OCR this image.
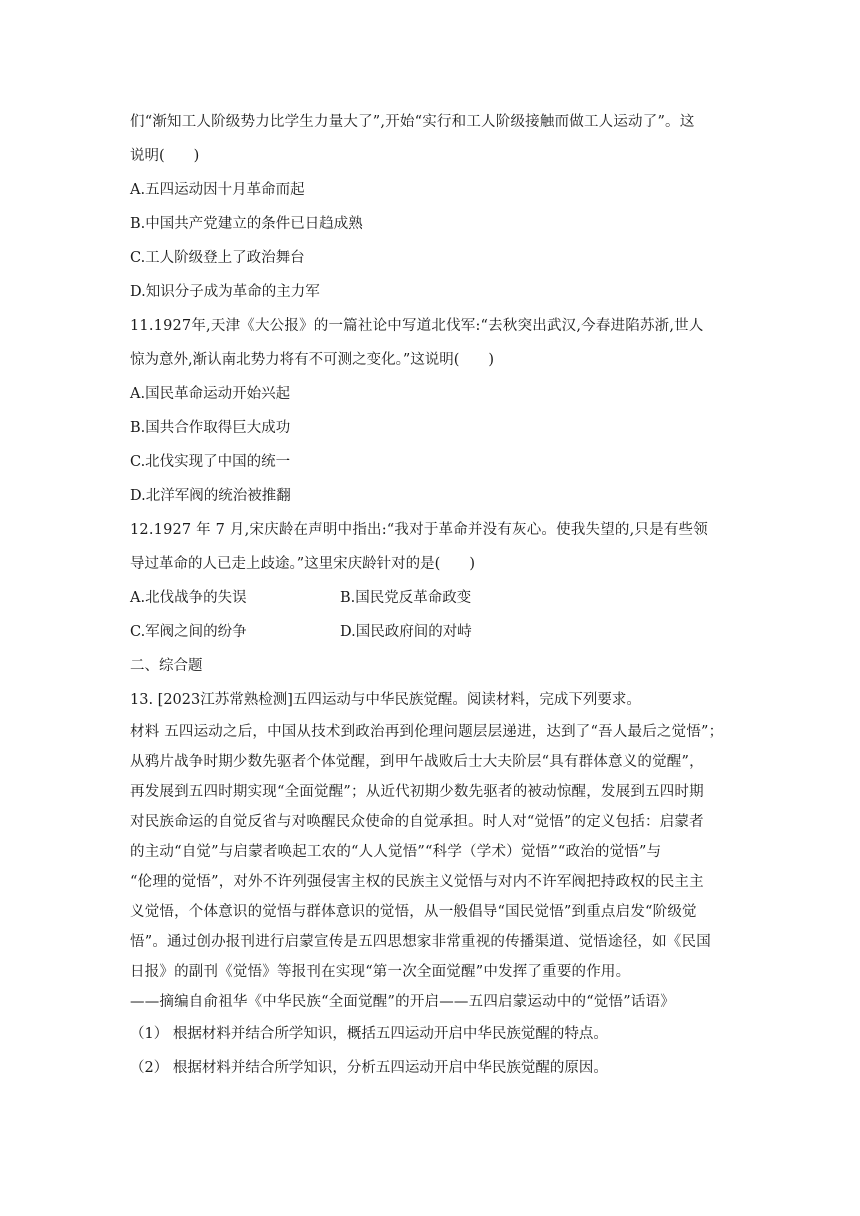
们“渐知工人阶级势力比学生力量大了”,开始“实行和工人阶级接触而做工人运动了”。这
说明(　　)
A.五四运动因十月革命而起
B.中国共产党建立的条件已日趋成熟
C.工人阶级登上了政治舞台
D.知识分子成为革命的主力军
11.1927年,天津《大公报》的一篇社论中写道北伐军:“去秋突出武汉,今春进陷苏浙,世人
惊为意外,渐认南北势力将有不可测之变化。”这说明(　　)
A.国民革命运动开始兴起
B.国共合作取得巨大成功
C.北伐实现了中国的统一
D.北洋军阀的统治被推翻
12.1927 年 7 月,宋庆龄在声明中指出:“我对于革命并没有灰心。使我失望的,只是有些领
导过革命的人已走上歧途。”这里宋庆龄针对的是(　　)
A.北伐战争的失误	B.国民党反革命政变
C.军阀之间的纷争	D.国民政府间的对峙
二、综合题
13. [2023江苏常熟检测]五四运动与中华民族觉醒。阅读材料，完成下列要求。
材料 五四运动之后，中国从技术到政治再到伦理问题层层递进，达到了“吾人最后之觉悟”；
从鸦片战争时期少数先驱者个体觉醒，到甲午战败后士大夫阶层“具有群体意义的觉醒”，
再发展到五四时期实现“全面觉醒”；从近代初期少数先驱者的被动惊醒，发展到五四时期
对民族命运的自觉反省与对唤醒民众使命的自觉承担。时人对“觉悟”的定义包括：启蒙者
的主动“自觉”与启蒙者唤起工农的“人人觉悟”“科学（学术）觉悟”“政治的觉悟”与
“伦理的觉悟”，对外不许列强侵害主权的民族主义觉悟与对内不许军阀把持政权的民主主
义觉悟，个体意识的觉悟与群体意识的觉悟，从一般倡导“国民觉悟”到重点启发“阶级觉
悟”。通过创办报刊进行启蒙宣传是五四思想家非常重视的传播渠道、觉悟途径，如《民国
日报》的副刊《觉悟》等报刊在实现“第一次全面觉醒”中发挥了重要的作用。
——摘编自俞祖华《中华民族“全面觉醒”的开启——五四启蒙运动中的“觉悟”话语》
（1） 根据材料并结合所学知识，概括五四运动开启中华民族觉醒的特点。
（2） 根据材料并结合所学知识，分析五四运动开启中华民族觉醒的原因。
